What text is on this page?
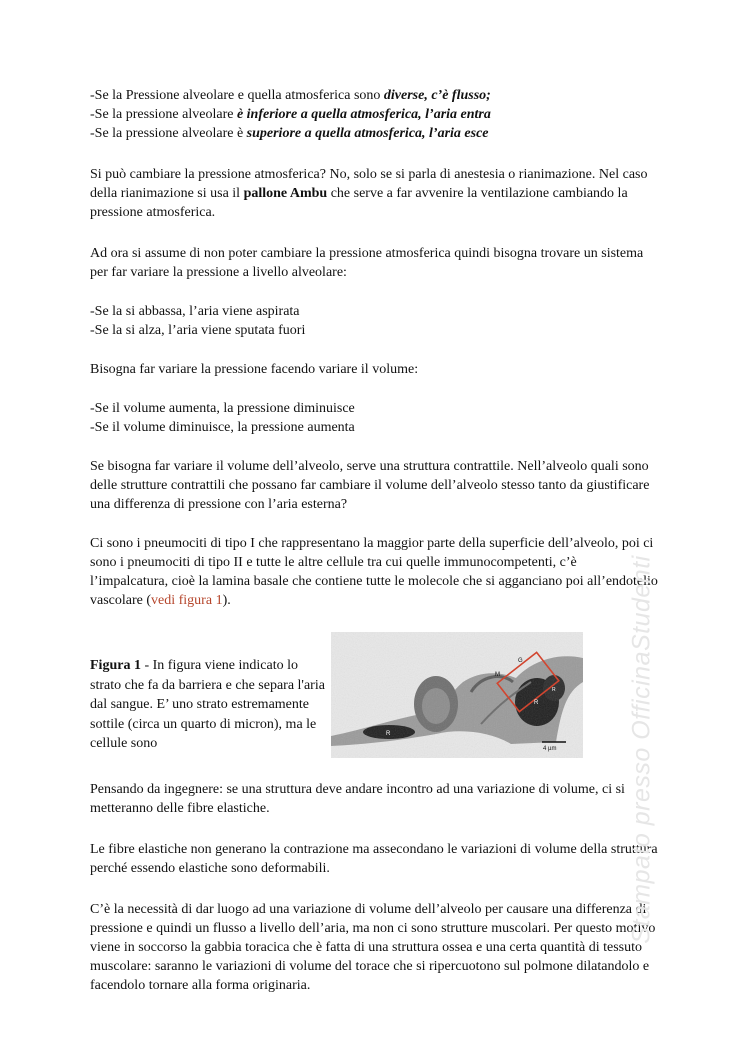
-Se la Pressione alveolare e quella atmosferica sono diverse, c’è flusso;

-Se la pressione alveolare è inferiore a quella atmosferica, l’aria entra

-Se la pressione alveolare è superiore a quella atmosferica, l’aria esce

Si può cambiare la pressione atmosferica? No, solo se si parla di anestesia o rianimazione. Nel caso della rianimazione si usa il pallone Ambu che serve a far avvenire la ventilazione cambiando la pressione atmosferica.

Ad ora si assume di non poter cambiare la pressione atmosferica quindi bisogna trovare un sistema per far variare la pressione a livello alveolare:

-Se la si abbassa, l’aria viene aspirata

-Se la si alza, l’aria viene sputata fuori

Bisogna far variare la pressione facendo variare il volume:

-Se il volume aumenta, la pressione diminuisce

-Se il volume diminuisce, la pressione aumenta

Se bisogna far variare il volume dell’alveolo, serve una struttura contrattile. Nell’alveolo quali sono delle strutture contrattili che possano far cambiare il volume dell’alveolo stesso tanto da giustificare una differenza di pressione con l’aria esterna?

Ci sono i pneumociti di tipo I che rappresentano la maggior parte della superficie dell’alveolo, poi ci sono i pneumociti di tipo II e tutte le altre cellule tra cui quelle immunocompetenti, c’è l’impalcatura, cioè la lamina basale che contiene tutte le molecole che si agganciano poi all’endotelio vascolare (vedi figura 1).

Figura 1 - In figura viene indicato lo strato che fa da barriera e che separa l'aria dal sangue. E’ uno strato estremamente sottile (circa un quarto di micron), ma le cellule sono
G
M
R
R
R
4 µm

Pensando da ingegnere: se una struttura deve andare incontro ad una variazione di volume, ci si metteranno delle fibre elastiche.

Le fibre elastiche non generano la contrazione ma assecondano le variazioni di volume della struttura perché essendo elastiche sono deformabili.

C’è la necessità di dar luogo ad una variazione di volume dell’alveolo per causare una differenza di pressione e quindi un flusso a livello dell’aria, ma non ci sono strutture muscolari. Per questo motivo viene in soccorso la gabbia toracica che è fatta di una struttura ossea e una certa quantità di tessuto muscolare: saranno le variazioni di volume del torace che si ripercuotono sul polmone dilatandolo e facendolo tornare alla forma originaria.

Stampato presso OfficinaStudenti
